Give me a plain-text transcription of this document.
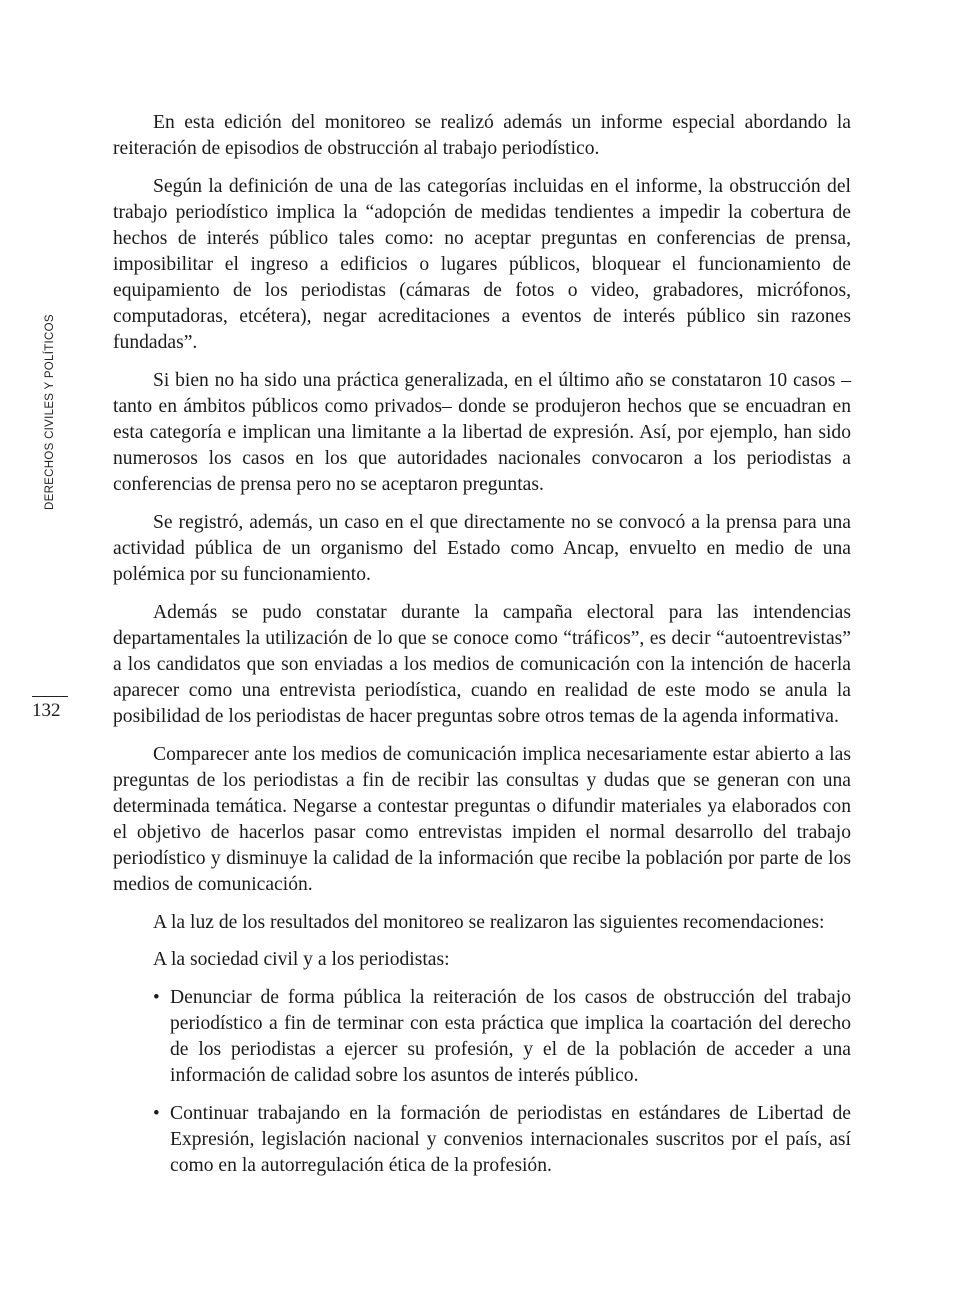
DERECHOS CIVILES Y POLÍTICOS
132

En esta edición del monitoreo se realizó además un informe especial abordando la reiteración de episodios de obstrucción al trabajo periodístico.

Según la definición de una de las categorías incluidas en el informe, la obstrucción del trabajo periodístico implica la “adopción de medidas tendientes a impedir la cobertura de hechos de interés público tales como: no aceptar preguntas en conferencias de prensa, imposibilitar el ingreso a edificios o lugares públicos, bloquear el funcionamiento de equipamiento de los periodistas (cámaras de fotos o video, grabadores, micrófonos, computadoras, etcétera), negar acreditaciones a eventos de interés público sin razones fundadas”.

Si bien no ha sido una práctica generalizada, en el último año se constataron 10 casos –tanto en ámbitos públicos como privados– donde se produjeron hechos que se encuadran en esta categoría e implican una limitante a la libertad de expresión. Así, por ejemplo, han sido numerosos los casos en los que autoridades nacionales convocaron a los periodistas a conferencias de prensa pero no se aceptaron preguntas.

Se registró, además, un caso en el que directamente no se convocó a la prensa para una actividad pública de un organismo del Estado como Ancap, envuelto en medio de una polémica por su funcionamiento.

Además se pudo constatar durante la campaña electoral para las intendencias departamentales la utilización de lo que se conoce como “tráficos”, es decir “autoentrevistas” a los candidatos que son enviadas a los medios de comunicación con la intención de hacerla aparecer como una entrevista periodística, cuando en realidad de este modo se anula la posibilidad de los periodistas de hacer preguntas sobre otros temas de la agenda informativa.

Comparecer ante los medios de comunicación implica necesariamente estar abierto a las preguntas de los periodistas a fin de recibir las consultas y dudas que se generan con una determinada temática. Negarse a contestar preguntas o difundir materiales ya elaborados con el objetivo de hacerlos pasar como entrevistas impiden el normal desarrollo del trabajo periodístico y disminuye la calidad de la información que recibe la población por parte de los medios de comunicación.

A la luz de los resultados del monitoreo se realizaron las siguientes recomendaciones:

A la sociedad civil y a los periodistas:

• Denunciar de forma pública la reiteración de los casos de obstrucción del trabajo periodístico a fin de terminar con esta práctica que implica la coartación del derecho de los periodistas a ejercer su profesión, y el de la población de acceder a una información de calidad sobre los asuntos de interés público.
• Continuar trabajando en la formación de periodistas en estándares de Libertad de Expresión, legislación nacional y convenios internacionales suscritos por el país, así como en la autorregulación ética de la profesión.
